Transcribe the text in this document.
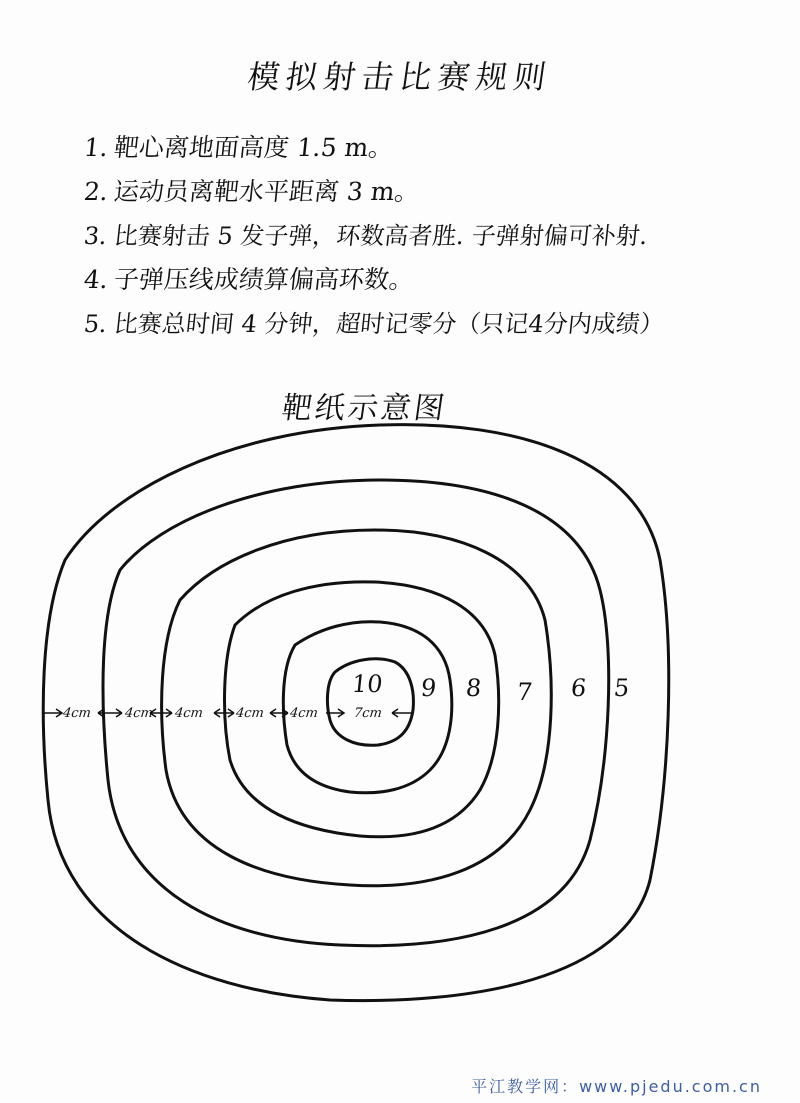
模拟射击比赛规则
1. 靶心离地面高度 1.5 m。
2. 运动员离靶水平距离 3 m。
3. 比赛射击 5 发子弹，环数高者胜. 子弹射偏可补射.
4. 子弹压线成绩算偏高环数。
5. 比赛总时间 4 分钟，超时记零分（只记4分内成绩）
靶纸示意图
10 9 8 7 6 5
4cm	4cm 4cm 4cm 4cm	7cm
平江教学网：www.pjedu.com.cn
